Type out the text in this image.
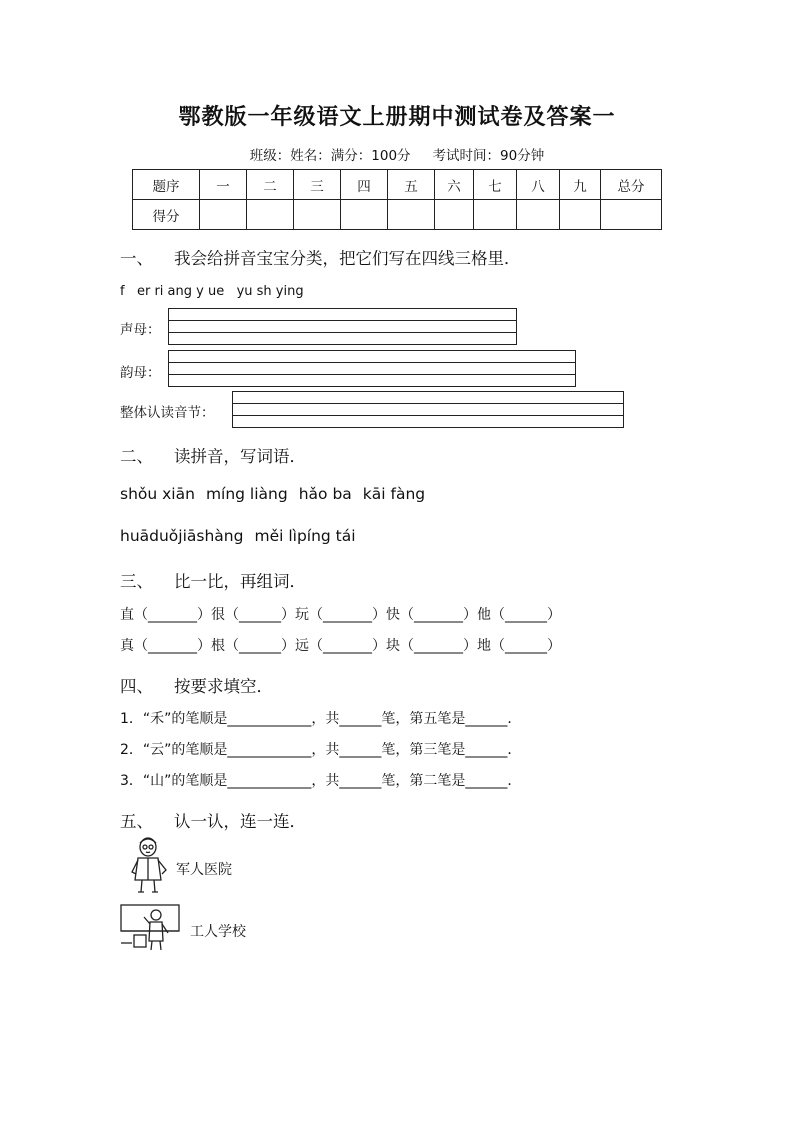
鄂教版一年级语文上册期中测试卷及答案一
班级：姓名：满分：100分 考试时间：90分钟
题序	一	二	三	四	五	六	七	八	九	总分
得分										
一、 我会给拼音宝宝分类，把它们写在四线三格里．
f   er ri ang y ue   yu sh ying
声母：
韵母：
整体认读音节：
二、 读拼音，写词语．
shǒu xiān míng liàng hǎo ba kāi fàng
huāduǒjiāshàng měi lìpíng tái
三、 比一比，再组词．
直（_______）很（______）玩（_______）快（_______）他（______）
真（_______）根（______）远（_______）块（_______）地（______）
四、 按要求填空．
1．“禾”的笔顺是____________，共______笔，第五笔是______．
2．“云”的笔顺是____________，共______笔，第三笔是______．
3．“山”的笔顺是____________，共______笔，第二笔是______．
五、 认一认，连一连．
军人医院
工人学校
